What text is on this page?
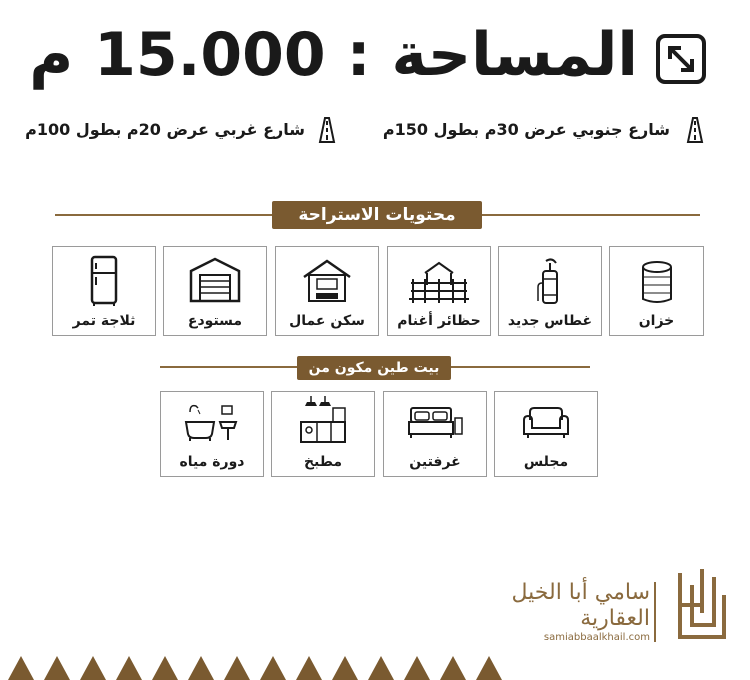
المساحة : 15.000 م
شارع جنوبي عرض 30م بطول 150م
شارع غربي عرض 20م بطول 100م
محتويات الاستراحة
خزان
غطاس جديد
حظائر أغنام
سكن عمال
مستودع
ثلاجة تمر
بيت طين مكون من
مجلس
غرفتين
مطبخ
دورة مياه
سامي أبا الخيل
العقارية
samiabbaalkhail.com
